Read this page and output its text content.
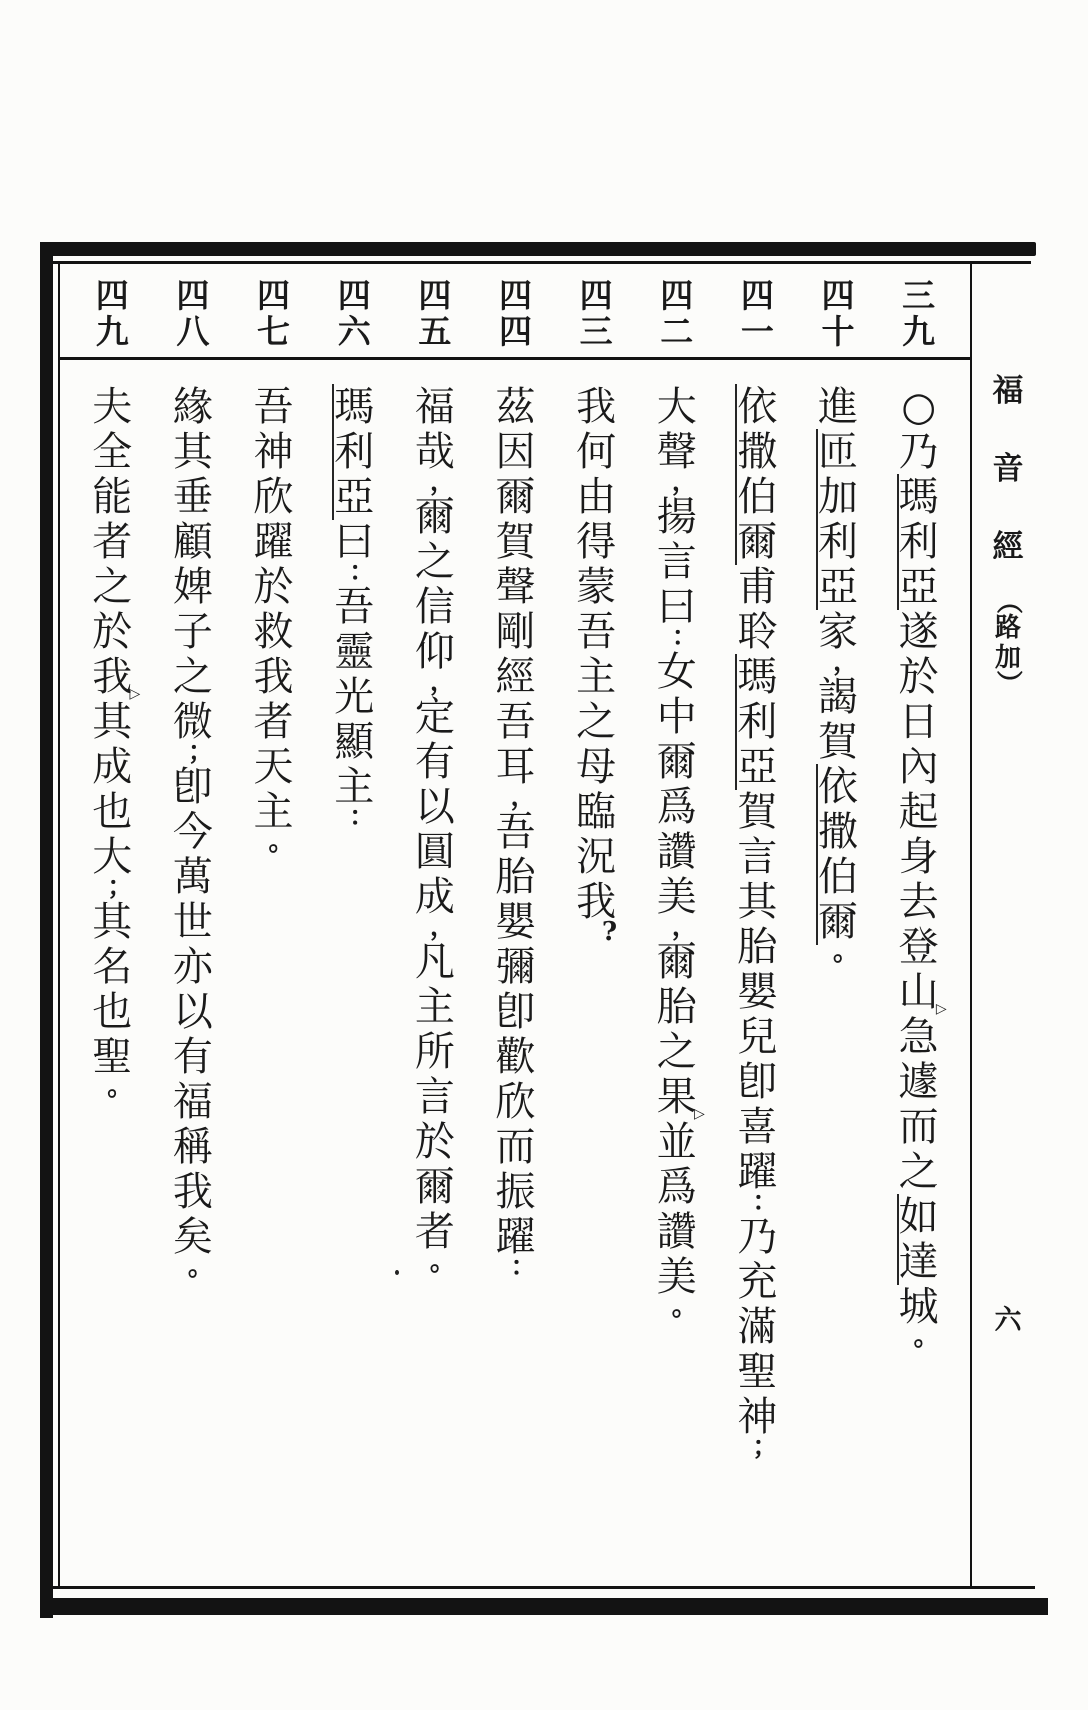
三
九
○
乃
瑪
利
亞
遂
於
日
內
起
身
去
登
山
急
▷
遽
而
之
如
達
城
。
四
十
進
匝
加
利
亞
家
，
謁
賀
依
撒
伯
爾
。
四
一
依
撒
伯
爾
甫
聆
瑪
利
亞
賀
言
其
胎
嬰
兒
卽
喜
躍
：
乃
充
滿
聖
神
；
四
二
大
聲
，
揚
言
曰
：
女
中
爾
爲
讚
美
，
爾
胎
之
果
並
▷
爲
讚
美
。
四
三
我
何
由
得
蒙
吾
主
之
母
臨
況
我
?
四
四
茲
因
爾
賀
聲
剛
經
吾
耳
，
吾
胎
嬰
彌
卽
歡
欣
而
振
躍
：
四
五
福
哉
，
爾
之
信
仰
，
定
有
以
圓
成
，
凡
主
所
言
於
爾
者
。
四
六
瑪
利
亞
曰
：
吾
靈
光
顯
主
：
四
七
吾
神
欣
躍
於
救
我
者
天
主
。
四
八
緣
其
垂
顧
婢
子
之
微
；
卽
今
萬
世
亦
以
有
福
稱
我
矣
。
四
九
夫
全
能
者
之
於
我
其
▷
成
也
大
；
其
名
也
聖
。
福
音
經
（
路
加
）
六
